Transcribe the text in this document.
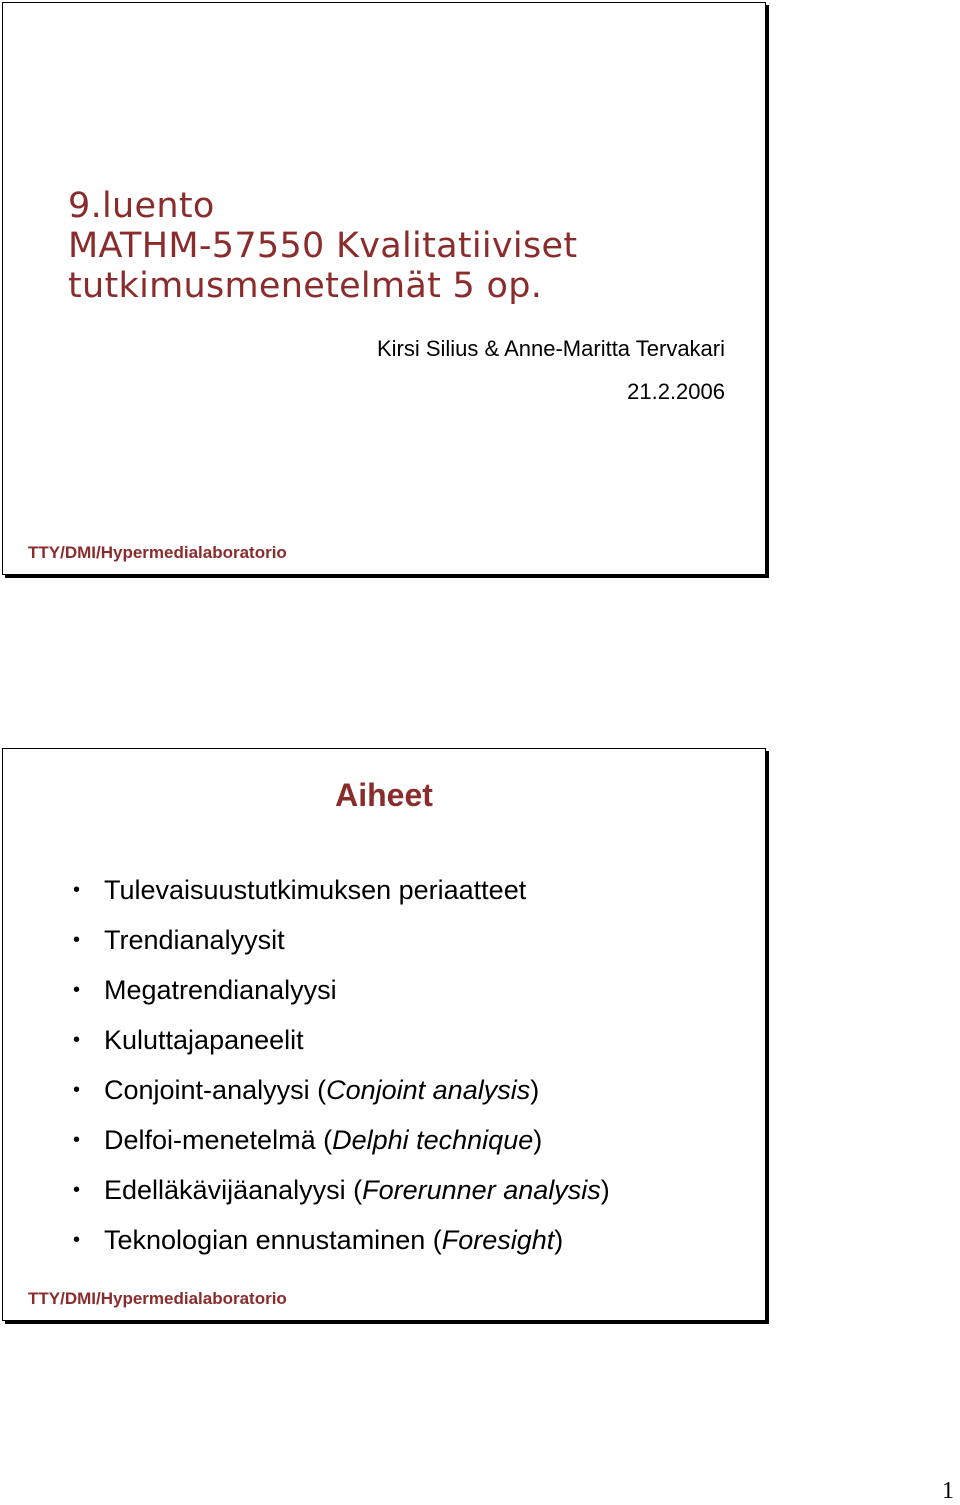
9.luento
MATHM-57550 Kvalitatiiviset
tutkimusmenetelmät 5 op.
Kirsi Silius & Anne-Maritta Tervakari
21.2.2006
TTY/DMI/Hypermedialaboratorio
Aiheet
• Tulevaisuustutkimuksen periaatteet
• Trendianalyysit
• Megatrendianalyysi
• Kuluttajapaneelit
• Conjoint-analyysi (Conjoint analysis)
• Delfoi-menetelmä (Delphi technique)
• Edelläkävijäanalyysi (Forerunner analysis)
• Teknologian ennustaminen (Foresight)
TTY/DMI/Hypermedialaboratorio
1
